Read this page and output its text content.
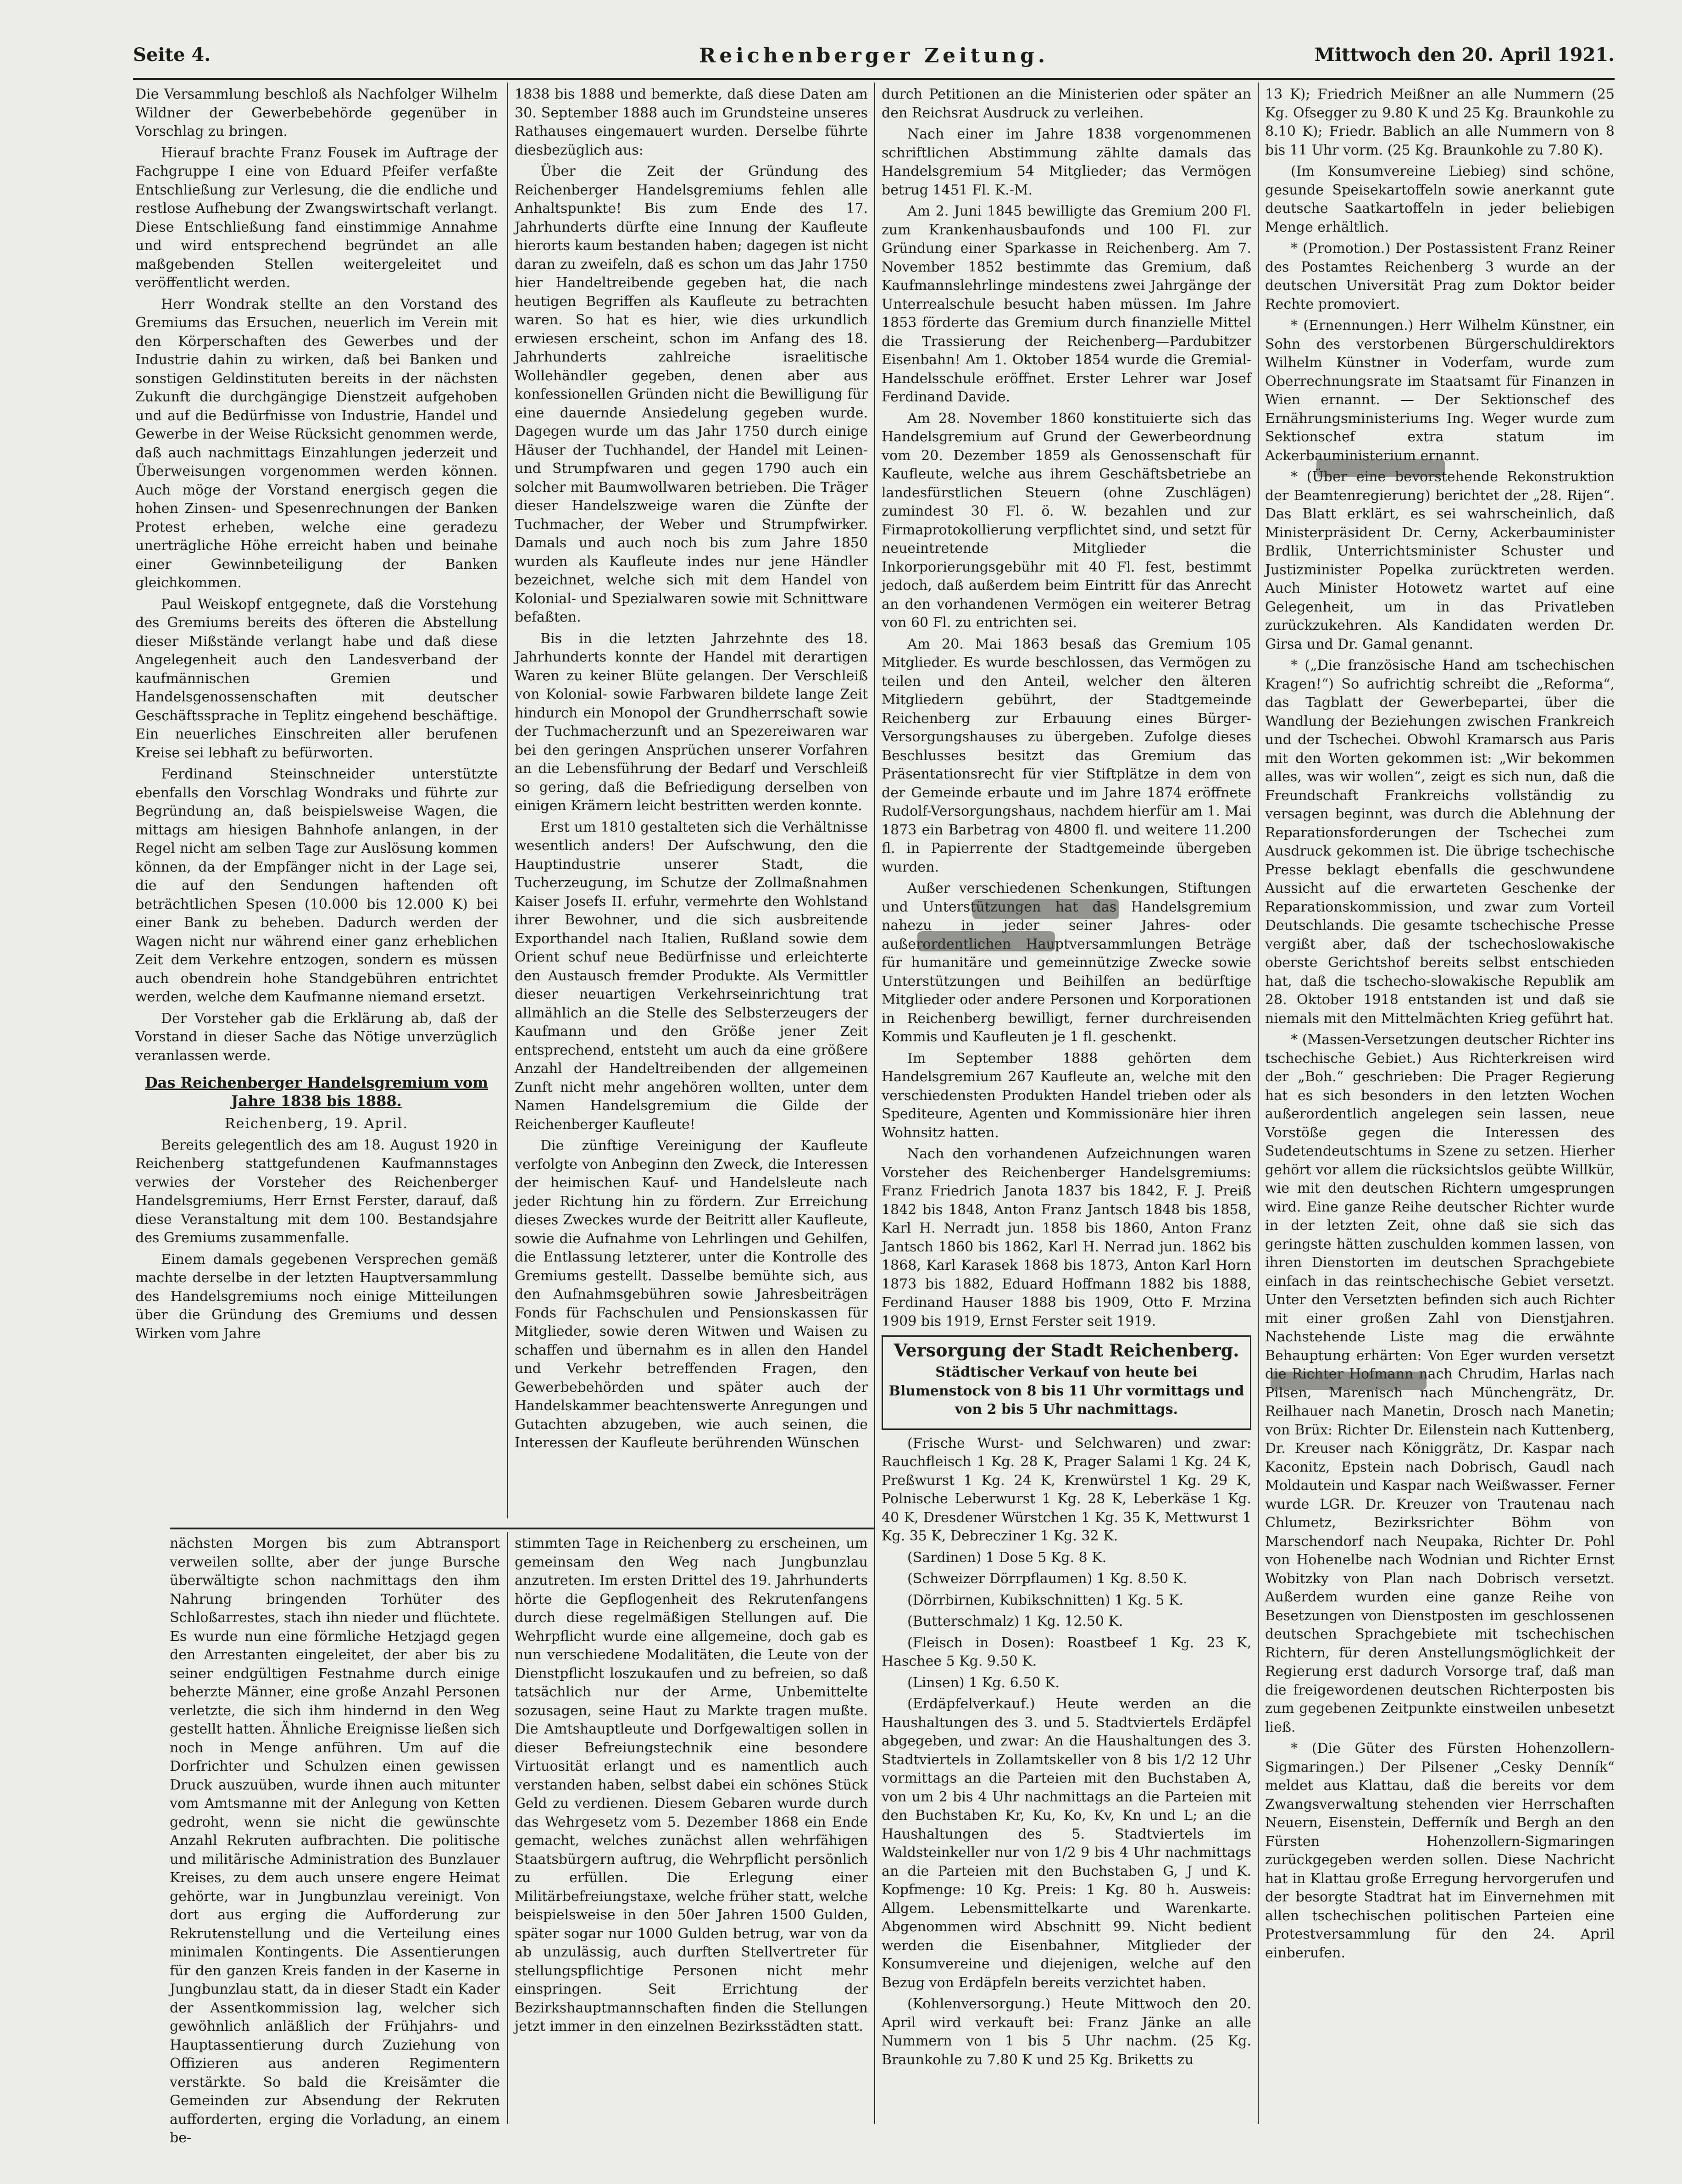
Seite 4.	Reichenberger Zeitung.	Mittwoch den 20. April 1921.

Die Versammlung beschloß als Nachfolger Wilhelm Wildner der Gewerbebehörde gegenüber in Vorschlag zu bringen.

Hierauf brachte Franz Fousek im Auftrage der Fachgruppe I eine von Eduard Pfeifer verfaßte Entschließung zur Verlesung, die die endliche und restlose Aufhebung der Zwangswirtschaft verlangt. Diese Entschließung fand einstimmige Annahme und wird entsprechend begründet an alle maßgebenden Stellen weitergeleitet und veröffentlicht werden.

Herr Wondrak stellte an den Vorstand des Gremiums das Ersuchen, neuerlich im Verein mit den Körperschaften des Gewerbes und der Industrie dahin zu wirken, daß bei Banken und sonstigen Geldinstituten bereits in der nächsten Zukunft die durchgängige Dienstzeit aufgehoben und auf die Bedürfnisse von Industrie, Handel und Gewerbe in der Weise Rücksicht genommen werde, daß auch nachmittags Einzahlungen jederzeit und Überweisungen vorgenommen werden können. Auch möge der Vorstand energisch gegen die hohen Zinsen- und Spesenrechnungen der Banken Protest erheben, welche eine geradezu unerträgliche Höhe erreicht haben und beinahe einer Gewinnbeteiligung der Banken gleichkommen.

Paul Weiskopf entgegnete, daß die Vorstehung des Gremiums bereits des öfteren die Abstellung dieser Mißstände verlangt habe und daß diese Angelegenheit auch den Landesverband der kaufmännischen Gremien und Handelsgenossenschaften mit deutscher Geschäftssprache in Teplitz eingehend beschäftige. Ein neuerliches Einschreiten aller berufenen Kreise sei lebhaft zu befürworten.

Ferdinand Steinschneider unterstützte ebenfalls den Vorschlag Wondraks und führte zur Begründung an, daß beispielsweise Wagen, die mittags am hiesigen Bahnhofe anlangen, in der Regel nicht am selben Tage zur Auslösung kommen können, da der Empfänger nicht in der Lage sei, die auf den Sendungen haftenden oft beträchtlichen Spesen (10.000 bis 12.000 K) bei einer Bank zu beheben. Dadurch werden der Wagen nicht nur während einer ganz erheblichen Zeit dem Verkehre entzogen, sondern es müssen auch obendrein hohe Standgebühren entrichtet werden, welche dem Kaufmanne niemand ersetzt.

Der Vorsteher gab die Erklärung ab, daß der Vorstand in dieser Sache das Nötige unverzüglich veranlassen werde.

Das Reichenberger Handelsgremium vom Jahre 1838 bis 1888.
Reichenberg, 19. April.

Bereits gelegentlich des am 18. August 1920 in Reichenberg stattgefundenen Kaufmannstages verwies der Vorsteher des Reichenberger Handelsgremiums, Herr Ernst Ferster, darauf, daß diese Veranstaltung mit dem 100. Bestandsjahre des Gremiums zusammenfalle.

Einem damals gegebenen Versprechen gemäß machte derselbe in der letzten Hauptversammlung des Handelsgremiums noch einige Mitteilungen über die Gründung des Gremiums und dessen Wirken vom Jahre

1838 bis 1888 und bemerkte, daß diese Daten am 30. September 1888 auch im Grundsteine unseres Rathauses eingemauert wurden. Derselbe führte diesbezüglich aus:

Über die Zeit der Gründung des Reichenberger Handelsgremiums fehlen alle Anhaltspunkte! Bis zum Ende des 17. Jahrhunderts dürfte eine Innung der Kaufleute hierorts kaum bestanden haben; dagegen ist nicht daran zu zweifeln, daß es schon um das Jahr 1750 hier Handeltreibende gegeben hat, die nach heutigen Begriffen als Kaufleute zu betrachten waren. So hat es hier, wie dies urkundlich erwiesen erscheint, schon im Anfang des 18. Jahrhunderts zahlreiche israelitische Wollehändler gegeben, denen aber aus konfessionellen Gründen nicht die Bewilligung für eine dauernde Ansiedelung gegeben wurde. Dagegen wurde um das Jahr 1750 durch einige Häuser der Tuchhandel, der Handel mit Leinen- und Strumpfwaren und gegen 1790 auch ein solcher mit Baumwollwaren betrieben. Die Träger dieser Handelszweige waren die Zünfte der Tuchmacher, der Weber und Strumpfwirker. Damals und auch noch bis zum Jahre 1850 wurden als Kaufleute indes nur jene Händler bezeichnet, welche sich mit dem Handel von Kolonial- und Spezialwaren sowie mit Schnittware befaßten.

Bis in die letzten Jahrzehnte des 18. Jahrhunderts konnte der Handel mit derartigen Waren zu keiner Blüte gelangen. Der Verschleiß von Kolonial- sowie Farbwaren bildete lange Zeit hindurch ein Monopol der Grundherrschaft sowie der Tuchmacherzunft und an Spezereiwaren war bei den geringen Ansprüchen unserer Vorfahren an die Lebensführung der Bedarf und Verschleiß so gering, daß die Befriedigung derselben von einigen Krämern leicht bestritten werden konnte.

Erst um 1810 gestalteten sich die Verhältnisse wesentlich anders! Der Aufschwung, den die Hauptindustrie unserer Stadt, die Tucherzeugung, im Schutze der Zollmaßnahmen Kaiser Josefs II. erfuhr, vermehrte den Wohlstand ihrer Bewohner, und die sich ausbreitende Exporthandel nach Italien, Rußland sowie dem Orient schuf neue Bedürfnisse und erleichterte den Austausch fremder Produkte. Als Vermittler dieser neuartigen Verkehrseinrichtung trat allmählich an die Stelle des Selbsterzeugers der Kaufmann und den Größe jener Zeit entsprechend, entsteht um auch da eine größere Anzahl der Handeltreibenden der allgemeinen Zunft nicht mehr angehören wollten, unter dem Namen Handelsgremium die Gilde der Reichenberger Kaufleute!

Die zünftige Vereinigung der Kaufleute verfolgte von Anbeginn den Zweck, die Interessen der heimischen Kauf- und Handelsleute nach jeder Richtung hin zu fördern. Zur Erreichung dieses Zweckes wurde der Beitritt aller Kaufleute, sowie die Aufnahme von Lehrlingen und Gehilfen, die Entlassung letzterer, unter die Kontrolle des Gremiums gestellt. Dasselbe bemühte sich, aus den Aufnahmsgebühren sowie Jahresbeiträgen Fonds für Fachschulen und Pensionskassen für Mitglieder, sowie deren Witwen und Waisen zu schaffen und übernahm es in allen den Handel und Verkehr betreffenden Fragen, den Gewerbebehörden und später auch der Handelskammer beachtenswerte Anregungen und Gutachten abzugeben, wie auch seinen, die Interessen der Kaufleute berührenden Wünschen

durch Petitionen an die Ministerien oder später an den Reichsrat Ausdruck zu verleihen.

Nach einer im Jahre 1838 vorgenommenen schriftlichen Abstimmung zählte damals das Handelsgremium 54 Mitglieder; das Vermögen betrug 1451 Fl. K.-M.

Am 2. Juni 1845 bewilligte das Gremium 200 Fl. zum Krankenhausbaufonds und 100 Fl. zur Gründung einer Sparkasse in Reichenberg. Am 7. November 1852 bestimmte das Gremium, daß Kaufmannslehrlinge mindestens zwei Jahrgänge der Unterrealschule besucht haben müssen. Im Jahre 1853 förderte das Gremium durch finanzielle Mittel die Trassierung der Reichenberg—Pardubitzer Eisenbahn! Am 1. Oktober 1854 wurde die Gremial-Handelsschule eröffnet. Erster Lehrer war Josef Ferdinand Davide.

Am 28. November 1860 konstituierte sich das Handelsgremium auf Grund der Gewerbeordnung vom 20. Dezember 1859 als Genossenschaft für Kaufleute, welche aus ihrem Geschäftsbetriebe an landesfürstlichen Steuern (ohne Zuschlägen) zumindest 30 Fl. ö. W. bezahlen und zur Firmaprotokollierung verpflichtet sind, und setzt für neueintretende Mitglieder die Inkorporierungsgebühr mit 40 Fl. fest, bestimmt jedoch, daß außerdem beim Eintritt für das Anrecht an den vorhandenen Vermögen ein weiterer Betrag von 60 Fl. zu entrichten sei.

Am 20. Mai 1863 besaß das Gremium 105 Mitglieder. Es wurde beschlossen, das Vermögen zu teilen und den Anteil, welcher den älteren Mitgliedern gebührt, der Stadtgemeinde Reichenberg zur Erbauung eines Bürger-Versorgungshauses zu übergeben. Zufolge dieses Beschlusses besitzt das Gremium das Präsentationsrecht für vier Stiftplätze in dem von der Gemeinde erbaute und im Jahre 1874 eröffnete Rudolf-Versorgungshaus, nachdem hierfür am 1. Mai 1873 ein Barbetrag von 4800 fl. und weitere 11.200 fl. in Papierrente der Stadtgemeinde übergeben wurden.

Außer verschiedenen Schenkungen, Stiftungen und Unterstützungen hat das Handelsgremium nahezu in jeder seiner Jahres- oder außerordentlichen Hauptversammlungen Beträge für humanitäre und gemeinnützige Zwecke sowie Unterstützungen und Beihilfen an bedürftige Mitglieder oder andere Personen und Korporationen in Reichenberg bewilligt, ferner durchreisenden Kommis und Kaufleuten je 1 fl. geschenkt.

Im September 1888 gehörten dem Handelsgremium 267 Kaufleute an, welche mit den verschiedensten Produkten Handel trieben oder als Spediteure, Agenten und Kommissionäre hier ihren Wohnsitz hatten.

Nach den vorhandenen Aufzeichnungen waren Vorsteher des Reichenberger Handelsgremiums: Franz Friedrich Janota 1837 bis 1842, F. J. Preiß 1842 bis 1848, Anton Franz Jantsch 1848 bis 1858, Karl H. Nerradt jun. 1858 bis 1860, Anton Franz Jantsch 1860 bis 1862, Karl H. Nerrad jun. 1862 bis 1868, Karl Karasek 1868 bis 1873, Anton Karl Horn 1873 bis 1882, Eduard Hoffmann 1882 bis 1888, Ferdinand Hauser 1888 bis 1909, Otto F. Mrzina 1909 bis 1919, Ernst Ferster seit 1919.

Versorgung der Stadt Reichenberg.
Städtischer Verkauf von heute bei Blumenstock von 8 bis 11 Uhr vormittags und von 2 bis 5 Uhr nachmittags.

(Frische Wurst- und Selchwaren) und zwar: Rauchfleisch 1 Kg. 28 K, Prager Salami 1 Kg. 24 K, Preßwurst 1 Kg. 24 K, Krenwürstel 1 Kg. 29 K, Polnische Leberwurst 1 Kg. 28 K, Leberkäse 1 Kg. 40 K, Dresdener Würstchen 1 Kg. 35 K, Mettwurst 1 Kg. 35 K, Debrecziner 1 Kg. 32 K.

(Sardinen) 1 Dose 5 Kg. 8 K.

(Schweizer Dörrpflaumen) 1 Kg. 8.50 K.

(Dörrbirnen, Kubikschnitten) 1 Kg. 5 K.

(Butterschmalz) 1 Kg. 12.50 K.

(Fleisch in Dosen): Roastbeef 1 Kg. 23 K, Haschee 5 Kg. 9.50 K.

(Linsen) 1 Kg. 6.50 K.

(Erdäpfelverkauf.) Heute werden an die Haushaltungen des 3. und 5. Stadtviertels Erdäpfel abgegeben, und zwar: An die Haushaltungen des 3. Stadtviertels in Zollamtskeller von 8 bis 1/2 12 Uhr vormittags an die Parteien mit den Buchstaben A, von um 2 bis 4 Uhr nachmittags an die Parteien mit den Buchstaben Kr, Ku, Ko, Kv, Kn und L; an die Haushaltungen des 5. Stadtviertels im Waldsteinkeller nur von 1/2 9 bis 4 Uhr nachmittags an die Parteien mit den Buchstaben G, J und K. Kopfmenge: 10 Kg. Preis: 1 Kg. 80 h. Ausweis: Allgem. Lebensmittelkarte und Warenkarte. Abgenommen wird Abschnitt 99. Nicht bedient werden die Eisenbahner, Mitglieder der Konsumvereine und diejenigen, welche auf den Bezug von Erdäpfeln bereits verzichtet haben.

(Kohlenversorgung.) Heute Mittwoch den 20. April wird verkauft bei: Franz Jänke an alle Nummern von 1 bis 5 Uhr nachm. (25 Kg. Braunkohle zu 7.80 K und 25 Kg. Briketts zu

13 K); Friedrich Meißner an alle Nummern (25 Kg. Ofsegger zu 9.80 K und 25 Kg. Braunkohle zu 8.10 K); Friedr. Bablich an alle Nummern von 8 bis 11 Uhr vorm. (25 Kg. Braunkohle zu 7.80 K).

(Im Konsumvereine Liebieg) sind schöne, gesunde Speisekartoffeln sowie anerkannt gute deutsche Saatkartoffeln in jeder beliebigen Menge erhältlich.

* (Promotion.) Der Postassistent Franz Reiner des Postamtes Reichenberg 3 wurde an der deutschen Universität Prag zum Doktor beider Rechte promoviert.

* (Ernennungen.) Herr Wilhelm Künstner, ein Sohn des verstorbenen Bürgerschuldirektors Wilhelm Künstner in Voderfam, wurde zum Oberrechnungsrate im Staatsamt für Finanzen in Wien ernannt. — Der Sektionschef des Ernährungsministeriums Ing. Weger wurde zum Sektionschef extra statum im Ackerbauministerium ernannt.

* (Über eine bevorstehende Rekonstruktion der Beamtenregierung) berichtet der „28. Rijen“. Das Blatt erklärt, es sei wahrscheinlich, daß Ministerpräsident Dr. Cerny, Ackerbauminister Brdlik, Unterrichtsminister Schuster und Justizminister Popelka zurücktreten werden. Auch Minister Hotowetz wartet auf eine Gelegenheit, um in das Privatleben zurückzukehren. Als Kandidaten werden Dr. Girsa und Dr. Gamal genannt.

* („Die französische Hand am tschechischen Kragen!“) So aufrichtig schreibt die „Reforma“, das Tagblatt der Gewerbepartei, über die Wandlung der Beziehungen zwischen Frankreich und der Tschechei. Obwohl Kramarsch aus Paris mit den Worten gekommen ist: „Wir bekommen alles, was wir wollen“, zeigt es sich nun, daß die Freundschaft Frankreichs vollständig zu versagen beginnt, was durch die Ablehnung der Reparationsforderungen der Tschechei zum Ausdruck gekommen ist. Die übrige tschechische Presse beklagt ebenfalls die geschwundene Aussicht auf die erwarteten Geschenke der Reparationskommission, und zwar zum Vorteil Deutschlands. Die gesamte tschechische Presse vergißt aber, daß der tschechoslowakische oberste Gerichtshof bereits selbst entschieden hat, daß die tschecho-slowakische Republik am 28. Oktober 1918 entstanden ist und daß sie niemals mit den Mittelmächten Krieg geführt hat.

* (Massen-Versetzungen deutscher Richter ins tschechische Gebiet.) Aus Richterkreisen wird der „Boh.“ geschrieben: Die Prager Regierung hat es sich besonders in den letzten Wochen außerordentlich angelegen sein lassen, neue Vorstöße gegen die Interessen des Sudetendeutschtums in Szene zu setzen. Hierher gehört vor allem die rücksichtslos geübte Willkür, wie mit den deutschen Richtern umgesprungen wird. Eine ganze Reihe deutscher Richter wurde in der letzten Zeit, ohne daß sie sich das geringste hätten zuschulden kommen lassen, von ihren Dienstorten im deutschen Sprachgebiete einfach in das reintschechische Gebiet versetzt. Unter den Versetzten befinden sich auch Richter mit einer großen Zahl von Dienstjahren. Nachstehende Liste mag die erwähnte Behauptung erhärten: Von Eger wurden versetzt die Richter Hofmann nach Chrudim, Harlas nach Pilsen, Marenisch nach Münchengrätz, Dr. Reilhauer nach Manetin, Drosch nach Manetin; von Brüx: Richter Dr. Eilenstein nach Kuttenberg, Dr. Kreuser nach Königgrätz, Dr. Kaspar nach Kaconitz, Epstein nach Dobrisch, Gaudl nach Moldautein und Kaspar nach Weißwasser. Ferner wurde LGR. Dr. Kreuzer von Trautenau nach Chlumetz, Bezirksrichter Böhm von Marschendorf nach Neupaka, Richter Dr. Pohl von Hohenelbe nach Wodnian und Richter Ernst Wobitzky von Plan nach Dobrisch versetzt. Außerdem wurden eine ganze Reihe von Besetzungen von Dienstposten im geschlossenen deutschen Sprachgebiete mit tschechischen Richtern, für deren Anstellungsmöglichkeit der Regierung erst dadurch Vorsorge traf, daß man die freigewordenen deutschen Richterposten bis zum gegebenen Zeitpunkte einstweilen unbesetzt ließ.

* (Die Güter des Fürsten Hohenzollern-Sigmaringen.) Der Pilsener „Cesky Denník“ meldet aus Klattau, daß die bereits vor dem Zwangsverwaltung stehenden vier Herrschaften Neuern, Eisenstein, Defferník und Bergh an den Fürsten Hohenzollern-Sigmaringen zurückgegeben werden sollen. Diese Nachricht hat in Klattau große Erregung hervorgerufen und der besorgte Stadtrat hat im Einvernehmen mit allen tschechischen politischen Parteien eine Protestversammlung für den 24. April einberufen.

nächsten Morgen bis zum Abtransport verweilen sollte, aber der junge Bursche überwältigte schon nachmittags den ihm Nahrung bringenden Torhüter des Schloßarrestes, stach ihn nieder und flüchtete. Es wurde nun eine förmliche Hetzjagd gegen den Arrestanten eingeleitet, der aber bis zu seiner endgültigen Festnahme durch einige beherzte Männer, eine große Anzahl Personen verletzte, die sich ihm hindernd in den Weg gestellt hatten. Ähnliche Ereignisse ließen sich noch in Menge anführen. Um auf die Dorfrichter und Schulzen einen gewissen Druck auszuüben, wurde ihnen auch mitunter vom Amtsmanne mit der Anlegung von Ketten gedroht, wenn sie nicht die gewünschte Anzahl Rekruten aufbrachten. Die politische und militärische Administration des Bunzlauer Kreises, zu dem auch unsere engere Heimat gehörte, war in Jungbunzlau vereinigt. Von dort aus erging die Aufforderung zur Rekrutenstellung und die Verteilung eines minimalen Kontingents. Die Assentierungen für den ganzen Kreis fanden in der Kaserne in Jungbunzlau statt, da in dieser Stadt ein Kader der Assentkommission lag, welcher sich gewöhnlich anläßlich der Frühjahrs- und Hauptassentierung durch Zuziehung von Offizieren aus anderen Regimentern verstärkte. So bald die Kreisämter die Gemeinden zur Absendung der Rekruten aufforderten, erging die Vorladung, an einem be-

stimmten Tage in Reichenberg zu erscheinen, um gemeinsam den Weg nach Jungbunzlau anzutreten. Im ersten Drittel des 19. Jahrhunderts hörte die Gepflogenheit des Rekrutenfangens durch diese regelmäßigen Stellungen auf. Die Wehrpflicht wurde eine allgemeine, doch gab es nun verschiedene Modalitäten, die Leute von der Dienstpflicht loszukaufen und zu befreien, so daß tatsächlich nur der Arme, Unbemittelte sozusagen, seine Haut zu Markte tragen mußte. Die Amtshauptleute und Dorfgewaltigen sollen in dieser Befreiungstechnik eine besondere Virtuosität erlangt und es namentlich auch verstanden haben, selbst dabei ein schönes Stück Geld zu verdienen. Diesem Gebaren wurde durch das Wehrgesetz vom 5. Dezember 1868 ein Ende gemacht, welches zunächst allen wehrfähigen Staatsbürgern auftrug, die Wehrpflicht persönlich zu erfüllen. Die Erlegung einer Militärbefreiungstaxe, welche früher statt, welche beispielsweise in den 50er Jahren 1500 Gulden, später sogar nur 1000 Gulden betrug, war von da ab unzulässig, auch durften Stellvertreter für stellungspflichtige Personen nicht mehr einspringen. Seit Errichtung der Bezirkshauptmannschaften finden die Stellungen jetzt immer in den einzelnen Bezirksstädten statt.
